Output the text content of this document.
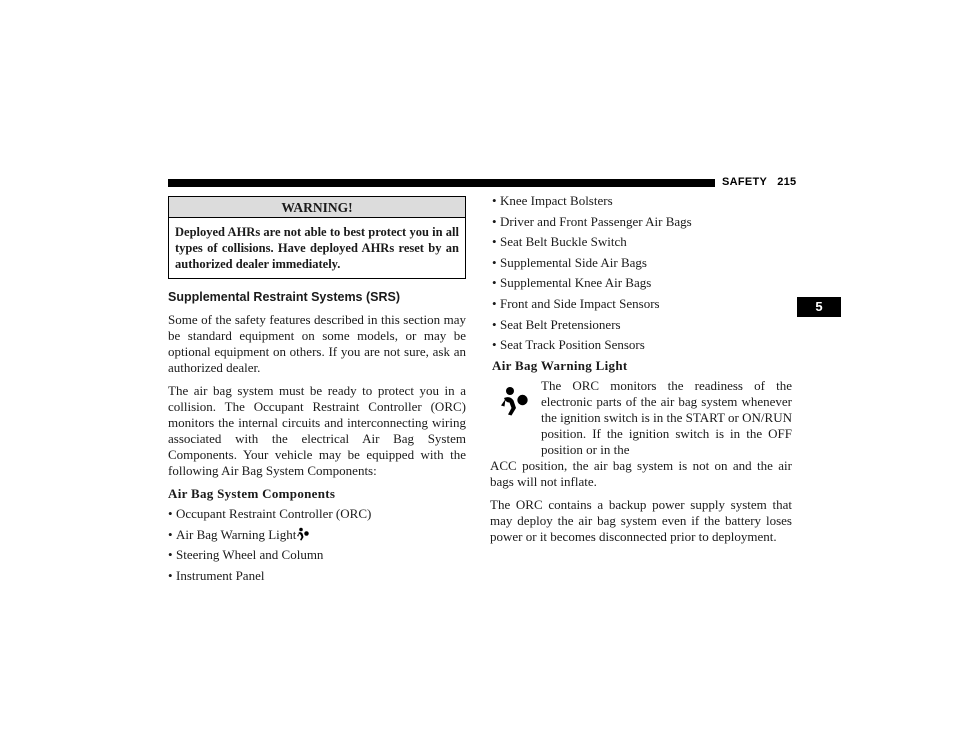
SAFETY 215
5
WARNING!
Deployed AHRs are not able to best protect you in all types of collisions. Have deployed AHRs reset by an authorized dealer immediately.
Supplemental Restraint Systems (SRS)

Some of the safety features described in this section may be standard equipment on some models, or may be optional equipment on others. If you are not sure, ask an authorized dealer.

The air bag system must be ready to protect you in a collision. The Occupant Restraint Controller (ORC) monitors the internal circuits and interconnecting wiring associated with the electrical Air Bag System Components. Your vehicle may be equipped with the following Air Bag System Components:

Air Bag System Components
• Occupant Restraint Controller (ORC)
• Air Bag Warning Light
• Steering Wheel and Column
• Instrument Panel
• Knee Impact Bolsters
• Driver and Front Passenger Air Bags
• Seat Belt Buckle Switch
• Supplemental Side Air Bags
• Supplemental Knee Air Bags
• Front and Side Impact Sensors
• Seat Belt Pretensioners
• Seat Track Position Sensors
Air Bag Warning Light

The ORC monitors the readiness of the electronic parts of the air bag system whenever the ignition switch is in the START or ON/RUN position. If the ignition switch is in the OFF position or in the

ACC position, the air bag system is not on and the air bags will not inflate.

The ORC contains a backup power supply system that may deploy the air bag system even if the battery loses power or it becomes disconnected prior to deployment.
